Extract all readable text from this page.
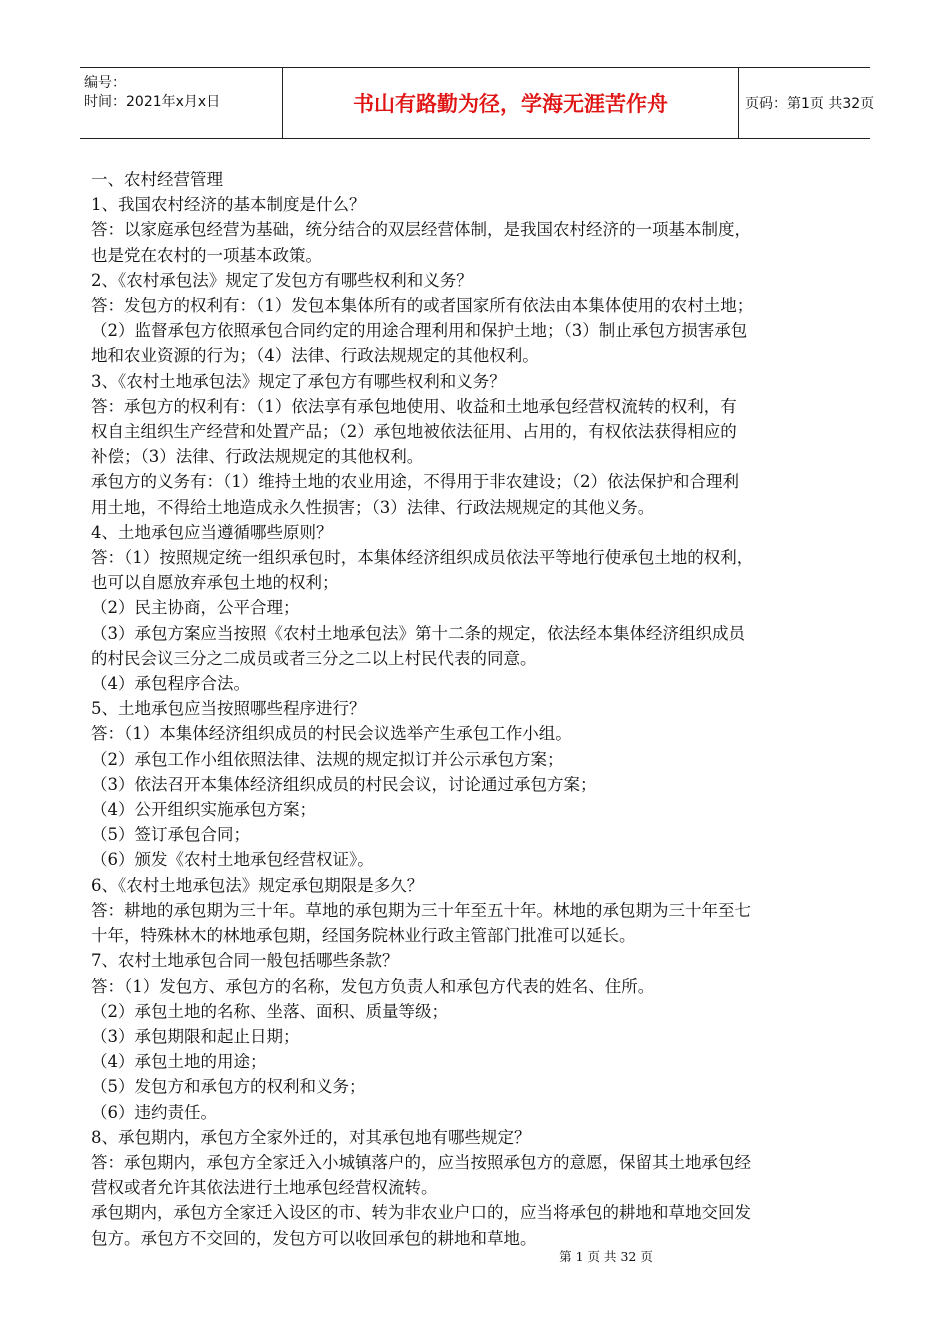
编号：
时间：2021年x月x日	书山有路勤为径，学海无涯苦作舟	页码：第1页 共32页

一、农村经营管理

1、我国农村经济的基本制度是什么？

答：以家庭承包经营为基础，统分结合的双层经营体制，是我国农村经济的一项基本制度，

也是党在农村的一项基本政策。

2、《农村承包法》规定了发包方有哪些权利和义务？

答：发包方的权利有：（1）发包本集体所有的或者国家所有依法由本集体使用的农村土地；

（2）监督承包方依照承包合同约定的用途合理利用和保护土地；（3）制止承包方损害承包

地和农业资源的行为；（4）法律、行政法规规定的其他权利。

3、《农村土地承包法》规定了承包方有哪些权利和义务？

答：承包方的权利有：（1）依法享有承包地使用、收益和土地承包经营权流转的权利，有

权自主组织生产经营和处置产品；（2）承包地被依法征用、占用的，有权依法获得相应的

补偿；（3）法律、行政法规规定的其他权利。

承包方的义务有：（1）维持土地的农业用途，不得用于非农建设；（2）依法保护和合理利

用土地，不得给土地造成永久性损害；（3）法律、行政法规规定的其他义务。

4、土地承包应当遵循哪些原则？

答：（1）按照规定统一组织承包时，本集体经济组织成员依法平等地行使承包土地的权利，

也可以自愿放弃承包土地的权利；

（2）民主协商，公平合理；

（3）承包方案应当按照《农村土地承包法》第十二条的规定，依法经本集体经济组织成员

的村民会议三分之二成员或者三分之二以上村民代表的同意。

（4）承包程序合法。

5、土地承包应当按照哪些程序进行？

答：（1）本集体经济组织成员的村民会议选举产生承包工作小组。

（2）承包工作小组依照法律、法规的规定拟订并公示承包方案；

（3）依法召开本集体经济组织成员的村民会议，讨论通过承包方案；

（4）公开组织实施承包方案；

（5）签订承包合同；

（6）颁发《农村土地承包经营权证》。

6、《农村土地承包法》规定承包期限是多久？

答：耕地的承包期为三十年。草地的承包期为三十年至五十年。林地的承包期为三十年至七

十年，特殊林木的林地承包期，经国务院林业行政主管部门批准可以延长。

7、农村土地承包合同一般包括哪些条款？

答：（1）发包方、承包方的名称，发包方负责人和承包方代表的姓名、住所。

（2）承包土地的名称、坐落、面积、质量等级；

（3）承包期限和起止日期；

（4）承包土地的用途；

（5）发包方和承包方的权利和义务；

（6）违约责任。

8、承包期内，承包方全家外迁的，对其承包地有哪些规定？

答：承包期内，承包方全家迁入小城镇落户的，应当按照承包方的意愿，保留其土地承包经

营权或者允许其依法进行土地承包经营权流转。

承包期内，承包方全家迁入设区的市、转为非农业户口的，应当将承包的耕地和草地交回发

包方。承包方不交回的，发包方可以收回承包的耕地和草地。

第 1 页 共 32 页
